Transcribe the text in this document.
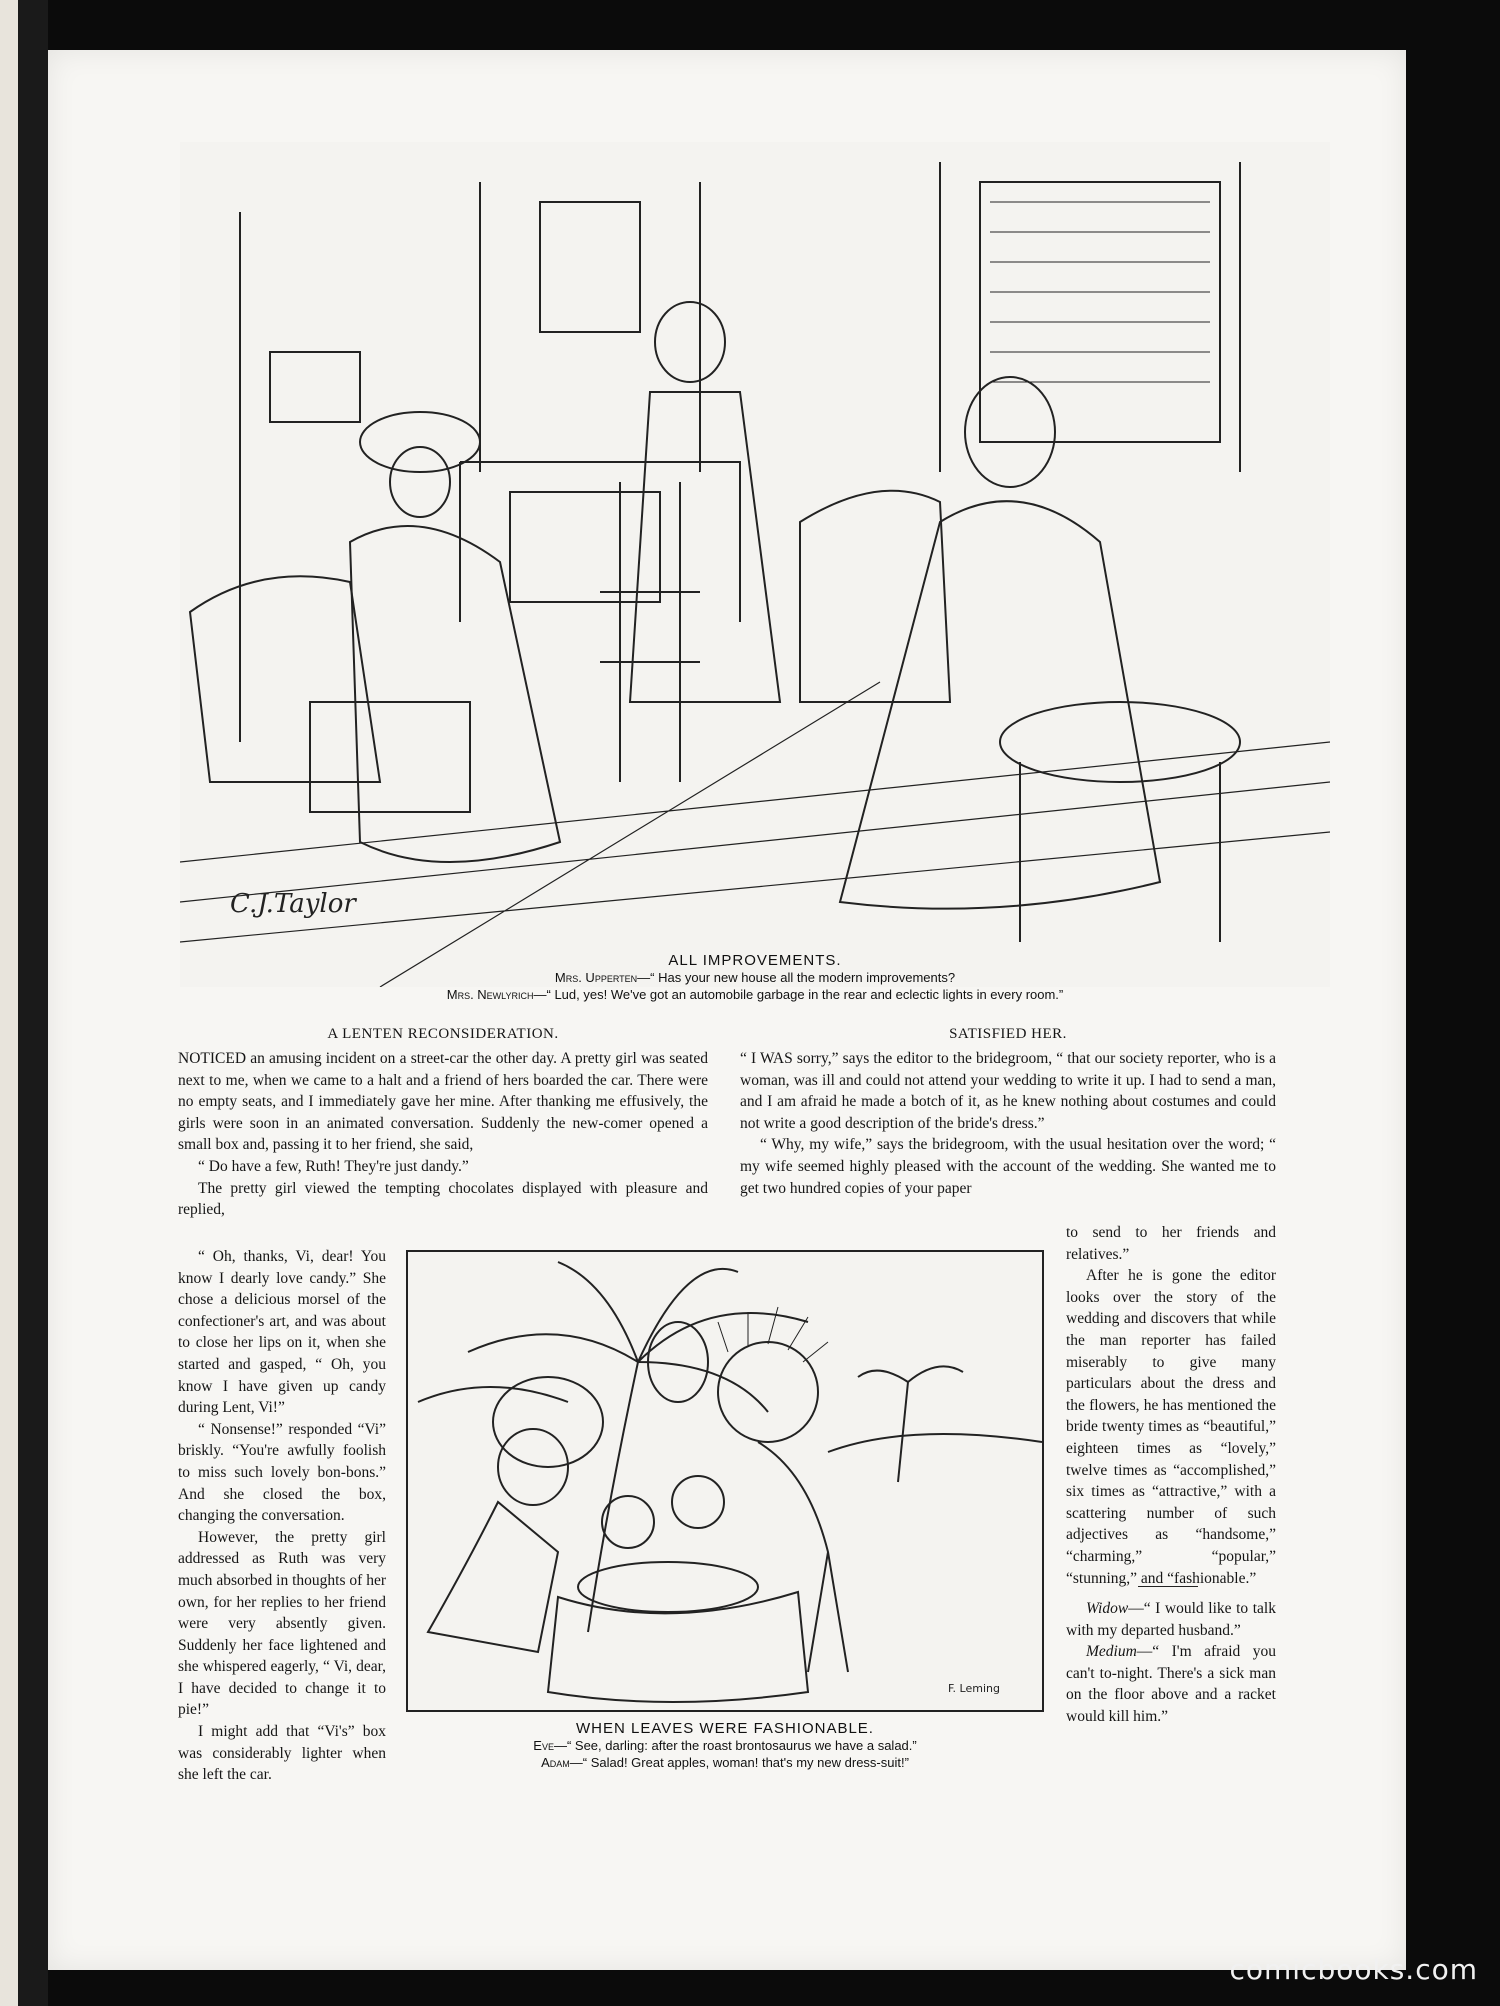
C.J.Taylor
ALL IMPROVEMENTS.
Mrs. Upperten—“ Has your new house all the modern improvements?
Mrs. Newlyrich—“ Lud, yes! We've got an automobile garbage in the rear and eclectic lights in every room.”
A LENTEN RECONSIDERATION.

NOTICED an amusing incident on a street-car the other day. A pretty girl was seated next to me, when we came to a halt and a friend of hers boarded the car. There were no empty seats, and I immediately gave her mine. After thanking me effusively, the girls were soon in an animated conversation. Suddenly the new-comer opened a small box and, passing it to her friend, she said,

“ Do have a few, Ruth! They're just dandy.”

The pretty girl viewed the tempting chocolates displayed with pleasure and replied,

“ Oh, thanks, Vi, dear! You know I dearly love candy.” She chose a delicious morsel of the confectioner's art, and was about to close her lips on it, when she started and gasped, “ Oh, you know I have given up candy during Lent, Vi!”

“ Nonsense!” responded “Vi” briskly. “You're awfully foolish to miss such lovely bon-bons.” And she closed the box, changing the conversation.

However, the pretty girl addressed as Ruth was very much absorbed in thoughts of her own, for her replies to her friend were very absently given. Suddenly her face lightened and she whispered eagerly, “ Vi, dear, I have decided to change it to pie!”

I might add that “Vi's” box was considerably lighter when she left the car.

SATISFIED HER.

“ I WAS sorry,” says the editor to the bridegroom, “ that our society reporter, who is a woman, was ill and could not attend your wedding to write it up. I had to send a man, and I am afraid he made a botch of it, as he knew nothing about costumes and could not write a good description of the bride's dress.”

“ Why, my wife,” says the bridegroom, with the usual hesitation over the word; “ my wife seemed highly pleased with the account of the wedding. She wanted me to get two hundred copies of your paper

to send to her friends and relatives.”

After he is gone the editor looks over the story of the wedding and discovers that while the man reporter has failed miserably to give many particulars about the dress and the flowers, he has mentioned the bride twenty times as “beautiful,” eighteen times as “lovely,” twelve times as “accomplished,” six times as “attractive,” with a scattering number of such adjectives as “handsome,” “charming,” “popular,” “stunning,” and “fashionable.”

Widow—“ I would like to talk with my departed husband.”

Medium—“ I'm afraid you can't to-night. There's a sick man on the floor above and a racket would kill him.”

F. Leming
WHEN LEAVES WERE FASHIONABLE.
Eve—“ See, darling: after the roast brontosaurus we have a salad.”
Adam—“ Salad! Great apples, woman! that's my new dress-suit!”
comicbooks.com
